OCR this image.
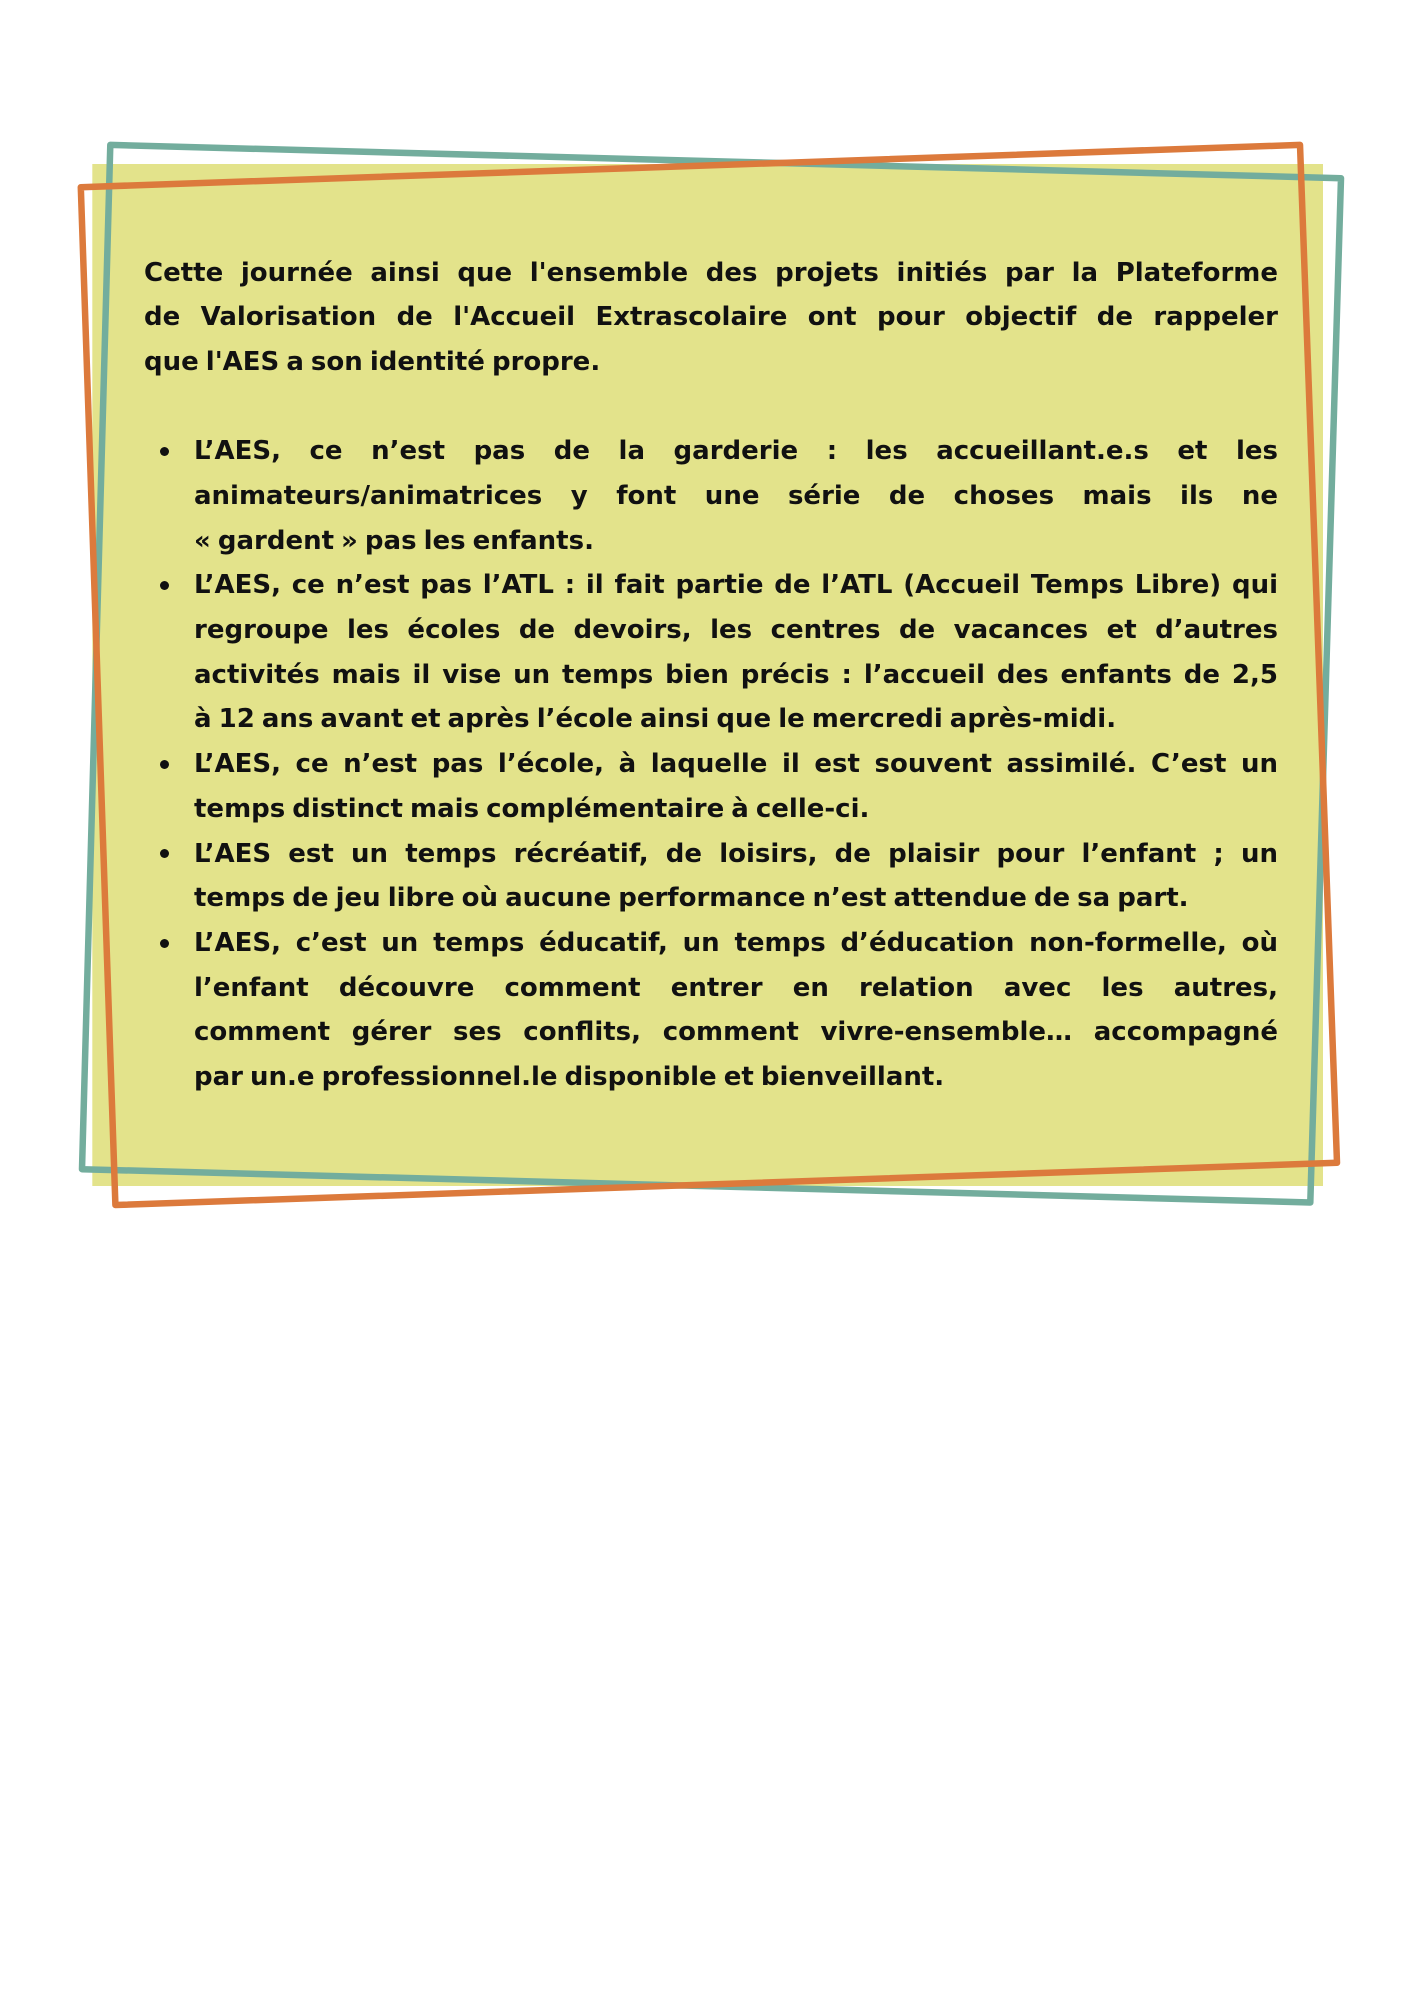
Cette journée ainsi que l'ensemble des projets initiés par la Plateforme
de Valorisation de l'Accueil Extrascolaire ont pour objectif de rappeler
que l'AES a son identité propre.
L’AES, ce n’est pas de la garderie : les accueillant.e.s et les
animateurs/animatrices y font une série de choses mais ils ne
« gardent » pas les enfants.
L’AES, ce n’est pas l’ATL : il fait partie de l’ATL (Accueil Temps Libre) qui
regroupe les écoles de devoirs, les centres de vacances et d’autres
activités mais il vise un temps bien précis : l’accueil des enfants de 2,5
à 12 ans avant et après l’école ainsi que le mercredi après-midi.
L’AES, ce n’est pas l’école, à laquelle il est souvent assimilé. C’est un
temps distinct mais complémentaire à celle-ci.
L’AES est un temps récréatif, de loisirs, de plaisir pour l’enfant ; un
temps de jeu libre où aucune performance n’est attendue de sa part.
L’AES, c’est un temps éducatif, un temps d’éducation non-formelle, où
l’enfant découvre comment entrer en relation avec les autres,
comment gérer ses conflits, comment vivre-ensemble… accompagné
par un.e professionnel.le disponible et bienveillant.
